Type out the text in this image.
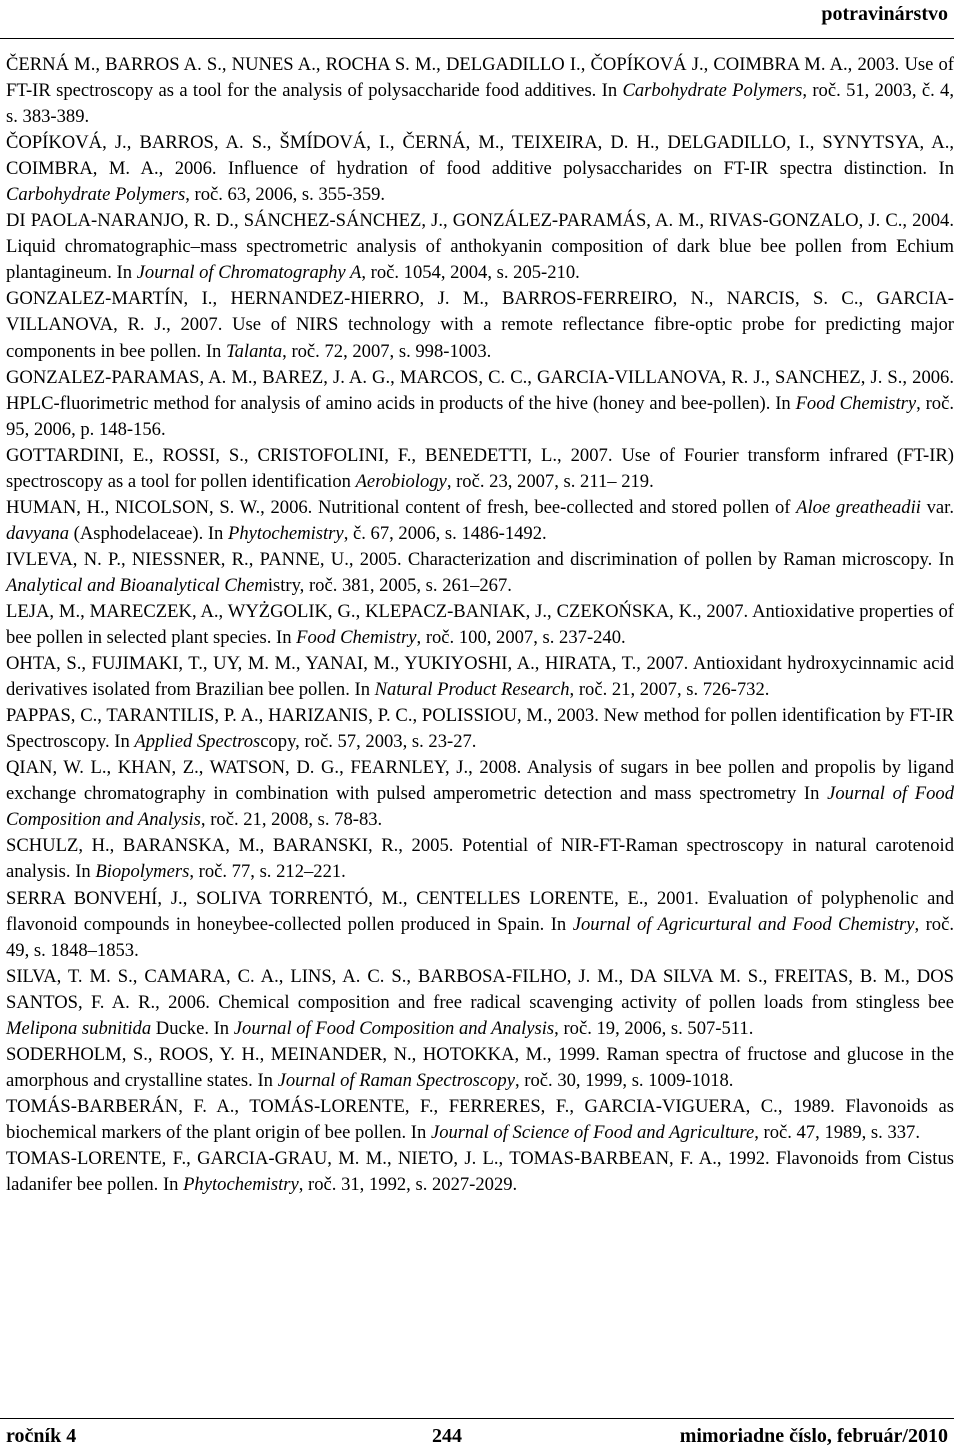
potravinárstvo

ČERNÁ M., BARROS A. S., NUNES A., ROCHA S. M., DELGADILLO I., ČOPÍKOVÁ J., COIMBRA M. A., 2003. Use of FT-IR spectroscopy as a tool for the analysis of polysaccharide food additives. In Carbohydrate Polymers, roč. 51, 2003, č. 4, s. 383-389.

ČOPÍKOVÁ, J., BARROS, A. S., ŠMÍDOVÁ, I., ČERNÁ, M., TEIXEIRA, D. H., DELGADILLO, I., SYNYTSYA, A., COIMBRA, M. A., 2006. Influence of hydration of food additive polysaccharides on FT-IR spectra distinction. In Carbohydrate Polymers, roč. 63, 2006, s. 355-359.

DI PAOLA-NARANJO, R. D., SÁNCHEZ-SÁNCHEZ, J., GONZÁLEZ-PARAMÁS, A. M., RIVAS-GONZALO, J. C., 2004. Liquid chromatographic–mass spectrometric analysis of anthokyanin composition of dark blue bee pollen from Echium plantagineum. In Journal of Chromatography A, roč. 1054, 2004, s. 205-210.

GONZALEZ-MARTÍN, I., HERNANDEZ-HIERRO, J. M., BARROS-FERREIRO, N., NARCIS, S. C., GARCIA-VILLANOVA, R. J., 2007. Use of NIRS technology with a remote reflectance fibre-optic probe for predicting major components in bee pollen. In Talanta, roč. 72, 2007, s. 998-1003.

GONZALEZ-PARAMAS, A. M., BAREZ, J. A. G., MARCOS, C. C., GARCIA-VILLANOVA, R. J., SANCHEZ, J. S., 2006. HPLC-fluorimetric method for analysis of amino acids in products of the hive (honey and bee-pollen). In Food Chemistry, roč. 95, 2006, p. 148-156.

GOTTARDINI, E., ROSSI, S., CRISTOFOLINI, F., BENEDETTI, L., 2007. Use of Fourier transform infrared (FT-IR) spectroscopy as a tool for pollen identification Aerobiology, roč. 23, 2007, s. 211– 219.

HUMAN, H., NICOLSON, S. W., 2006. Nutritional content of fresh, bee-collected and stored pollen of Aloe greatheadii var. davyana (Asphodelaceae). In Phytochemistry, č. 67, 2006, s. 1486-1492.

IVLEVA, N. P., NIESSNER, R., PANNE, U., 2005. Characterization and discrimination of pollen by Raman microscopy. In Analytical and Bioanalytical Chemistry, roč. 381, 2005, s. 261–267.

LEJA, M., MARECZEK, A., WYŻGOLIK, G., KLEPACZ-BANIAK, J., CZEKOŃSKA, K., 2007. Antioxidative properties of bee pollen in selected plant species. In Food Chemistry, roč. 100, 2007, s. 237-240.

OHTA, S., FUJIMAKI, T., UY, M. M., YANAI, M., YUKIYOSHI, A., HIRATA, T., 2007. Antioxidant hydroxycinnamic acid derivatives isolated from Brazilian bee pollen. In Natural Product Research, roč. 21, 2007, s. 726-732.

PAPPAS, C., TARANTILIS, P. A., HARIZANIS, P. C., POLISSIOU, M., 2003. New method for pollen identification by FT-IR Spectroscopy. In Applied Spectroscopy, roč. 57, 2003, s. 23-27.

QIAN, W. L., KHAN, Z., WATSON, D. G., FEARNLEY, J., 2008. Analysis of sugars in bee pollen and propolis by ligand exchange chromatography in combination with pulsed amperometric detection and mass spectrometry In Journal of Food Composition and Analysis, roč. 21, 2008, s. 78-83.

SCHULZ, H., BARANSKA, M., BARANSKI, R., 2005. Potential of NIR-FT-Raman spectroscopy in natural carotenoid analysis. In Biopolymers, roč. 77, s. 212–221.

SERRA BONVEHÍ, J., SOLIVA TORRENTÓ, M., CENTELLES LORENTE, E., 2001. Evaluation of polyphenolic and flavonoid compounds in honeybee-collected pollen produced in Spain. In Journal of Agricurtural and Food Chemistry, roč. 49, s. 1848–1853.

SILVA, T. M. S., CAMARA, C. A., LINS, A. C. S., BARBOSA-FILHO, J. M., DA SILVA M. S., FREITAS, B. M., DOS SANTOS, F. A. R., 2006. Chemical composition and free radical scavenging activity of pollen loads from stingless bee Melipona subnitida Ducke. In Journal of Food Composition and Analysis, roč. 19, 2006, s. 507-511.

SODERHOLM, S., ROOS, Y. H., MEINANDER, N., HOTOKKA, M., 1999. Raman spectra of fructose and glucose in the amorphous and crystalline states. In Journal of Raman Spectroscopy, roč. 30, 1999, s. 1009-1018.

TOMÁS-BARBERÁN, F. A., TOMÁS-LORENTE, F., FERRERES, F., GARCIA-VIGUERA, C., 1989. Flavonoids as biochemical markers of the plant origin of bee pollen. In Journal of Science of Food and Agriculture, roč. 47, 1989, s. 337.

TOMAS-LORENTE, F., GARCIA-GRAU, M. M., NIETO, J. L., TOMAS-BARBEAN, F. A., 1992. Flavonoids from Cistus ladanifer bee pollen. In Phytochemistry, roč. 31, 1992, s. 2027-2029.

ročník 4	244	mimoriadne číslo, február/2010
